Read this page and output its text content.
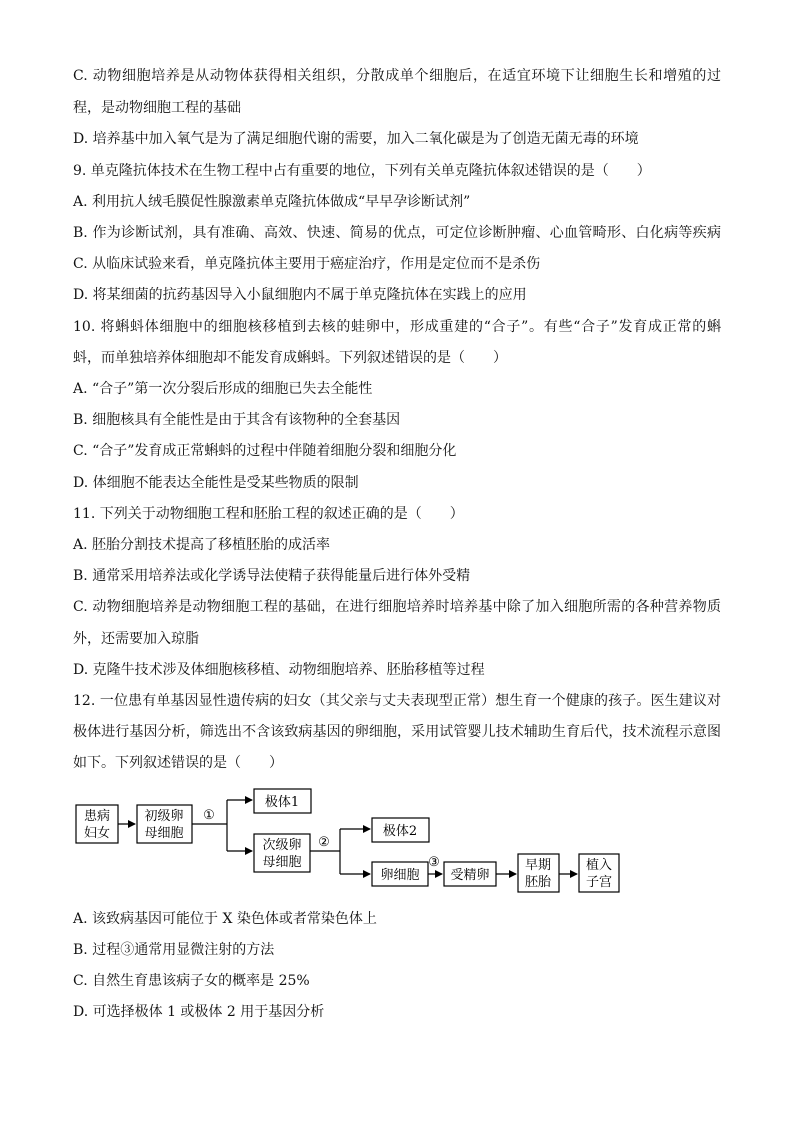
C. 动物细胞培养是从动物体获得相关组织，分散成单个细胞后，在适宜环境下让细胞生长和增殖的过
程，是动物细胞工程的基础
D. 培养基中加入氧气是为了满足细胞代谢的需要，加入二氧化碳是为了创造无菌无毒的环境
9. 单克隆抗体技术在生物工程中占有重要的地位，下列有关单克隆抗体叙述错误的是（　　）
A. 利用抗人绒毛膜促性腺激素单克隆抗体做成“早早孕诊断试剂”
B. 作为诊断试剂，具有准确、高效、快速、简易的优点，可定位诊断肿瘤、心血管畸形、白化病等疾病
C. 从临床试验来看，单克隆抗体主要用于癌症治疗，作用是定位而不是杀伤
D. 将某细菌的抗药基因导入小鼠细胞内不属于单克隆抗体在实践上的应用
10. 将蝌蚪体细胞中的细胞核移植到去核的蛙卵中，形成重建的“合子”。有些“合子”发育成正常的蝌
蚪，而单独培养体细胞却不能发育成蝌蚪。下列叙述错误的是（　　）
A. “合子”第一次分裂后形成的细胞已失去全能性
B. 细胞核具有全能性是由于其含有该物种的全套基因
C. “合子”发育成正常蝌蚪的过程中伴随着细胞分裂和细胞分化
D. 体细胞不能表达全能性是受某些物质的限制
11. 下列关于动物细胞工程和胚胎工程的叙述正确的是（　　）
A. 胚胎分割技术提高了移植胚胎的成活率
B. 通常采用培养法或化学诱导法使精子获得能量后进行体外受精
C. 动物细胞培养是动物细胞工程的基础，在进行细胞培养时培养基中除了加入细胞所需的各种营养物质
外，还需要加入琼脂
D. 克隆牛技术涉及体细胞核移植、动物细胞培养、胚胎移植等过程
12. 一位患有单基因显性遗传病的妇女（其父亲与丈夫表现型正常）想生育一个健康的孩子。医生建议对
极体进行基因分析，筛选出不含该致病基因的卵细胞，采用试管婴儿技术辅助生育后代，技术流程示意图
如下。下列叙述错误的是（　　）
患病
妇女
初级卵
母细胞
①
极体1
次级卵
母细胞
②
极体2
卵细胞
③
受精卵
早期
胚胎
植入
子宫
A. 该致病基因可能位于 X 染色体或者常染色体上
B. 过程③通常用显微注射的方法
C. 自然生育患该病子女的概率是 25%
D. 可选择极体 1 或极体 2 用于基因分析
